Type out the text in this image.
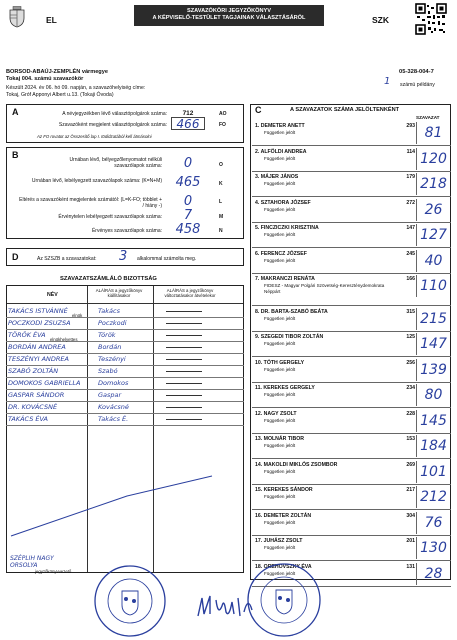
EL
SZAVAZÓKÖRI JEGYZŐKÖNYV
A KÉPVISELŐ-TESTÜLET TAGJAINAK VÁLASZTÁSÁRÓL	SZK
BORSOD-ABAÚJ-ZEMPLÉN vármegye
Tokaj 004. számú szavazókör
Készült 2024. év 06. hó 09. napján, a szavazóhelyiség címe:
Tokaj, Gróf Apponyi Albert u.13. (Tokaji Óvoda)
05-328-004-7
1 számú példány
A	A névjegyzékben lévő választópolgárok száma:	712	AO
Szavazóként megjelent választópolgárok száma: 466	FO
Az FO rovatot az Összesítő lap I. tödidzatából kell átmásolni
B	Urnában lévő, bélyegzőlenyomatot nélküli szavazólapok száma:	0	O
Urnában lévő, lebélyegzett szavazólapok száma: (K=N+M) 465	K
Eltérés a szavazóként megjelentek számától: (L=K-FO; többlet + / hiány -)	0	L
Érvénytelen lebélyegzett szavazólapok száma:	7	M
Érvényes szavazólapok száma: 458	N
D	Az SZSZB a szavazatokat: 3 alkalommal számolta meg.
SZAVAZATSZÁMLÁLÓ BIZOTTSÁG
NÉV
ALÁÍRÁS a jegyzőkönyv kiállításakor
ALÁÍRÁS a jegyzőkönyv változtatásakor átvételekor
TAKÁCS ISTVÁNNÉ	Takács
elnök
POCZKODI ZSUZSA	Poczkodi
TÖRÖK ÉVA	Török
elnökhelyettes
BORDÁN ANDREA	Bordán
TESZÉNYI ANDREA	Teszényi
SZABÓ ZOLTÁN	Szabó
DOMOKOS GABRIELLA	Domokos
GASPAR SÁNDOR	Gaspar
DR. KOVÁCSNÉ	Kovácsné
TAKÁCS ÉVA	Takács É.
SZÉPLIH NAGY ORSOLYA
jegyzőkönyvvezető
C	A SZAVAZATOK SZÁMA JELÖLTENKÉNT
SZAVAZAT
1. DEMETER ANETT
Független jelölt
293 81
2. ALFÖLDI ANDREA
Független jelölt
114 120
3. MÁJER JÁNOS
Független jelölt
179 218
4. SZTAHORA JÓZSEF
Független jelölt
272 26
5. FINCZICZKI KRISZTINA
Független jelölt
147 127
6. FERENCZ JÓZSEF
Független jelölt
245 40
7. MAKRANCZI RENÁTA
FIDESZ - Magyar Polgári Szövetség-Kereszténydemokrata Néppárt
166 110
8. DR. BARTA-SZABÓ BEÁTA
Független jelölt
315 215
9. SZEGEDI TIBOR ZOLTÁN
Független jelölt
125 147
10. TÓTH GERGELY
Független jelölt
256 139
11. KEREKES GERGELY
Független jelölt
234 80
12. NAGY ZSOLT
Független jelölt
228 145
13. MOLNÁR TIBOR
Független jelölt
153 184
14. MAKOLDI MIKLÓS ZSOMBOR
Független jelölt
269 101
15. KEREKES SÁNDOR
Független jelölt
217 212
16. DEMETER ZOLTÁN
Független jelölt
304 76
17. JUHÁSZ ZSOLT
Független jelölt
201 130
18. OREHOVSZKY ÉVA
Független jelölt
131 28
